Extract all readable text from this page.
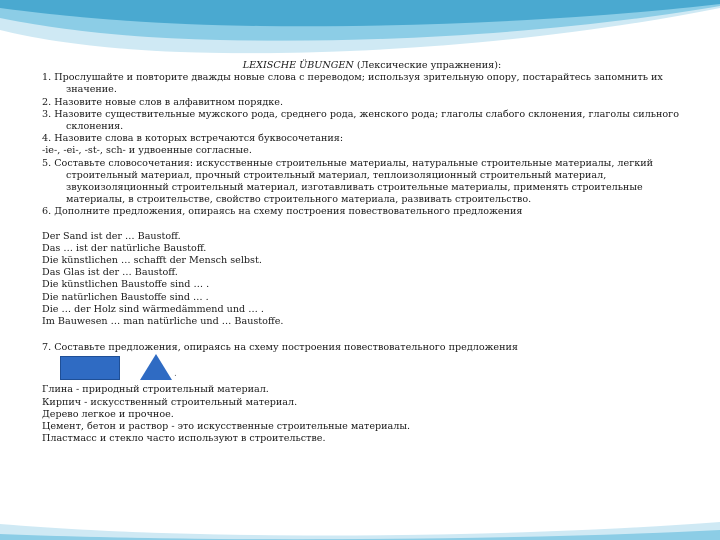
LEXISCHE ÜBUNGEN (Лексические упражнения):
1. Прослушайте и повторите дважды новые слова с переводом; используя зрительную опору, постарайтесь запомнить их значение.
2. Назовите новые слов в алфавитном порядке.
3. Назовите существительные мужского рода, среднего рода, женского рода; глаголы слабого склонения, глаголы сильного склонения.
4. Назовите слова в которых встречаются буквосочетания:
-ie-, -ei-, -st-, sch- и удвоенные согласные.
5. Составьте словосочетания: искусственные строительные материалы, натуральные строительные материалы, легкий строительный материал, прочный строительный материал, теплоизоляционный строительный материал, звукоизоляционный строительный материал, изготавливать строительные материалы, применять строительные материалы, в строительстве, свойство строительного материала, развивать строительство.
6. Дополните предложения, опираясь на схему построения повествовательного предложения
Der Sand ist der … Baustoff.
Das … ist der natürliche Baustoff.
Die künstlichen … schafft der Mensch selbst.
Das Glas ist der … Baustoff.
Die künstlichen Baustoffe sind … .
Die natürlichen Baustoffe sind … .
Die … der Holz sind wärmedämmend und … .
Im Bauwesen … man natürliche und … Baustoffe.
7. Составьте предложения, опираясь на схему построения повествовательного предложения
.
Глина - природный строительный материал.
Кирпич - искусственный строительный материал.
Дерево легкое и прочное.
Цемент, бетон и раствор - это искусственные строительные материалы.
Пластмасс и стекло часто используют в строительстве.
